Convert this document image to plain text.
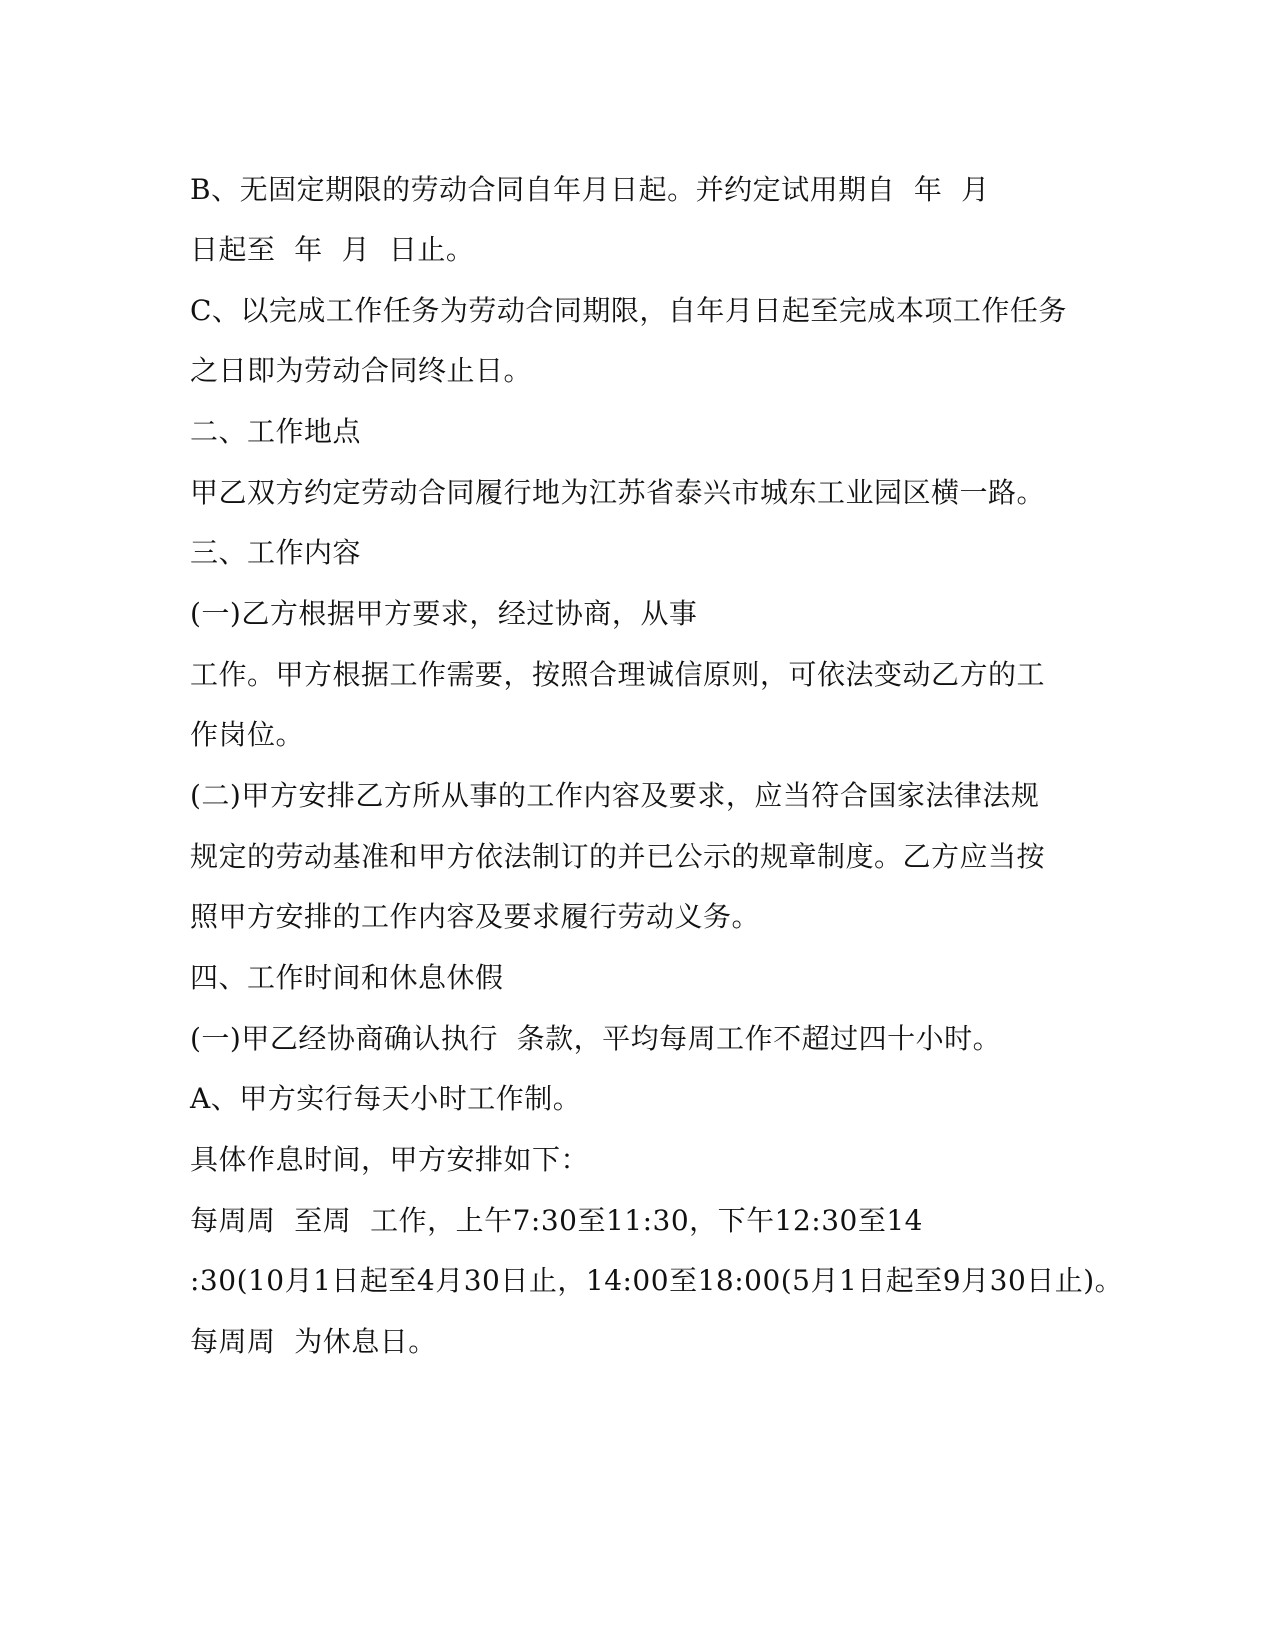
B、无固定期限的劳动合同自年月日起。并约定试用期自  年  月

日起至  年  月  日止。

C、以完成工作任务为劳动合同期限，自年月日起至完成本项工作任务

之日即为劳动合同终止日。

二、工作地点

甲乙双方约定劳动合同履行地为江苏省泰兴市城东工业园区横一路。

三、工作内容

(一)乙方根据甲方要求，经过协商，从事

工作。甲方根据工作需要，按照合理诚信原则，可依法变动乙方的工

作岗位。

(二)甲方安排乙方所从事的工作内容及要求，应当符合国家法律法规

规定的劳动基准和甲方依法制订的并已公示的规章制度。乙方应当按

照甲方安排的工作内容及要求履行劳动义务。

四、工作时间和休息休假

(一)甲乙经协商确认执行  条款，平均每周工作不超过四十小时。

A、甲方实行每天小时工作制。

具体作息时间，甲方安排如下：

每周周  至周  工作，上午7:30至11:30，下午12:30至14

:30(10月1日起至4月30日止，14:00至18:00(5月1日起至9月30日止)。

每周周  为休息日。
